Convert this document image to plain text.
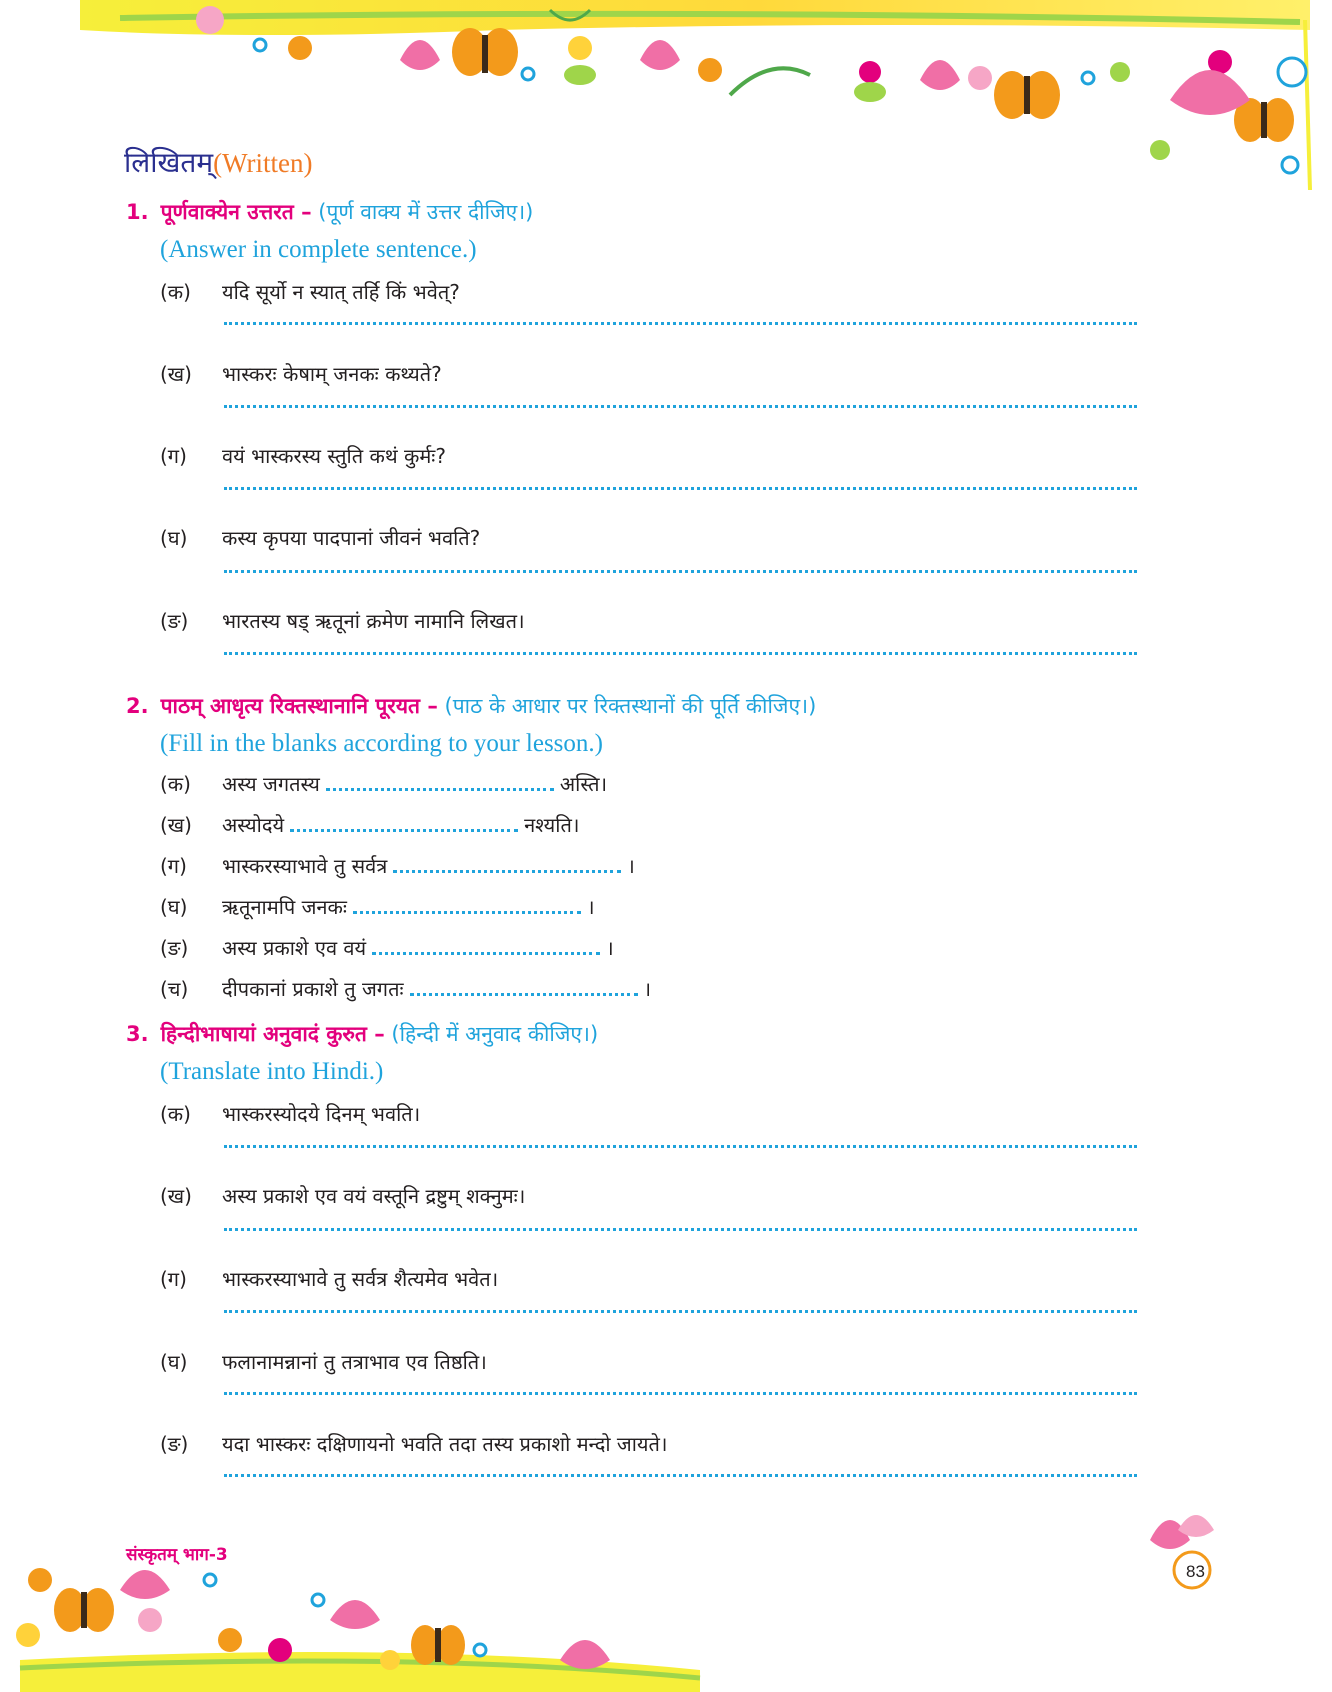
लिखितम्(Written)
1. पूर्णवाक्येन उत्तरत – (पूर्ण वाक्य में उत्तर दीजिए।)
(Answer in complete sentence.)
(क) यदि सूर्यो न स्यात् तर्हि किं भवेत्?
(ख) भास्करः केषाम् जनकः कथ्यते?
(ग) वयं भास्करस्य स्तुति कथं कुर्मः?
(घ) कस्य कृपया पादपानां जीवनं भवति?
(ङ) भारतस्य षड् ऋतूनां क्रमेण नामानि लिखत।
2. पाठम् आधृत्य रिक्तस्थानानि पूरयत – (पाठ के आधार पर रिक्तस्थानों की पूर्ति कीजिए।)
(Fill in the blanks according to your lesson.)
(क) अस्य जगतस्य	अस्ति।
(ख) अस्योदये	नश्यति।
(ग) भास्करस्याभावे तु सर्वत्र	।
(घ) ऋतूनामपि जनकः	।
(ङ) अस्य प्रकाशे एव वयं	।
(च) दीपकानां प्रकाशे तु जगतः	।
3. हिन्दीभाषायां अनुवादं कुरुत – (हिन्दी में अनुवाद कीजिए।)
(Translate into Hindi.)
(क) भास्करस्योदये दिनम् भवति।
(ख) अस्य प्रकाशे एव वयं वस्तूनि द्रष्टुम् शक्नुमः।
(ग) भास्करस्याभावे तु सर्वत्र शैत्यमेव भवेत।
(घ) फलानामन्नानां तु तत्राभाव एव तिष्ठति।
(ङ) यदा भास्करः दक्षिणायनो भवति तदा तस्य प्रकाशो मन्दो जायते।
संस्कृतम् भाग-3
83
